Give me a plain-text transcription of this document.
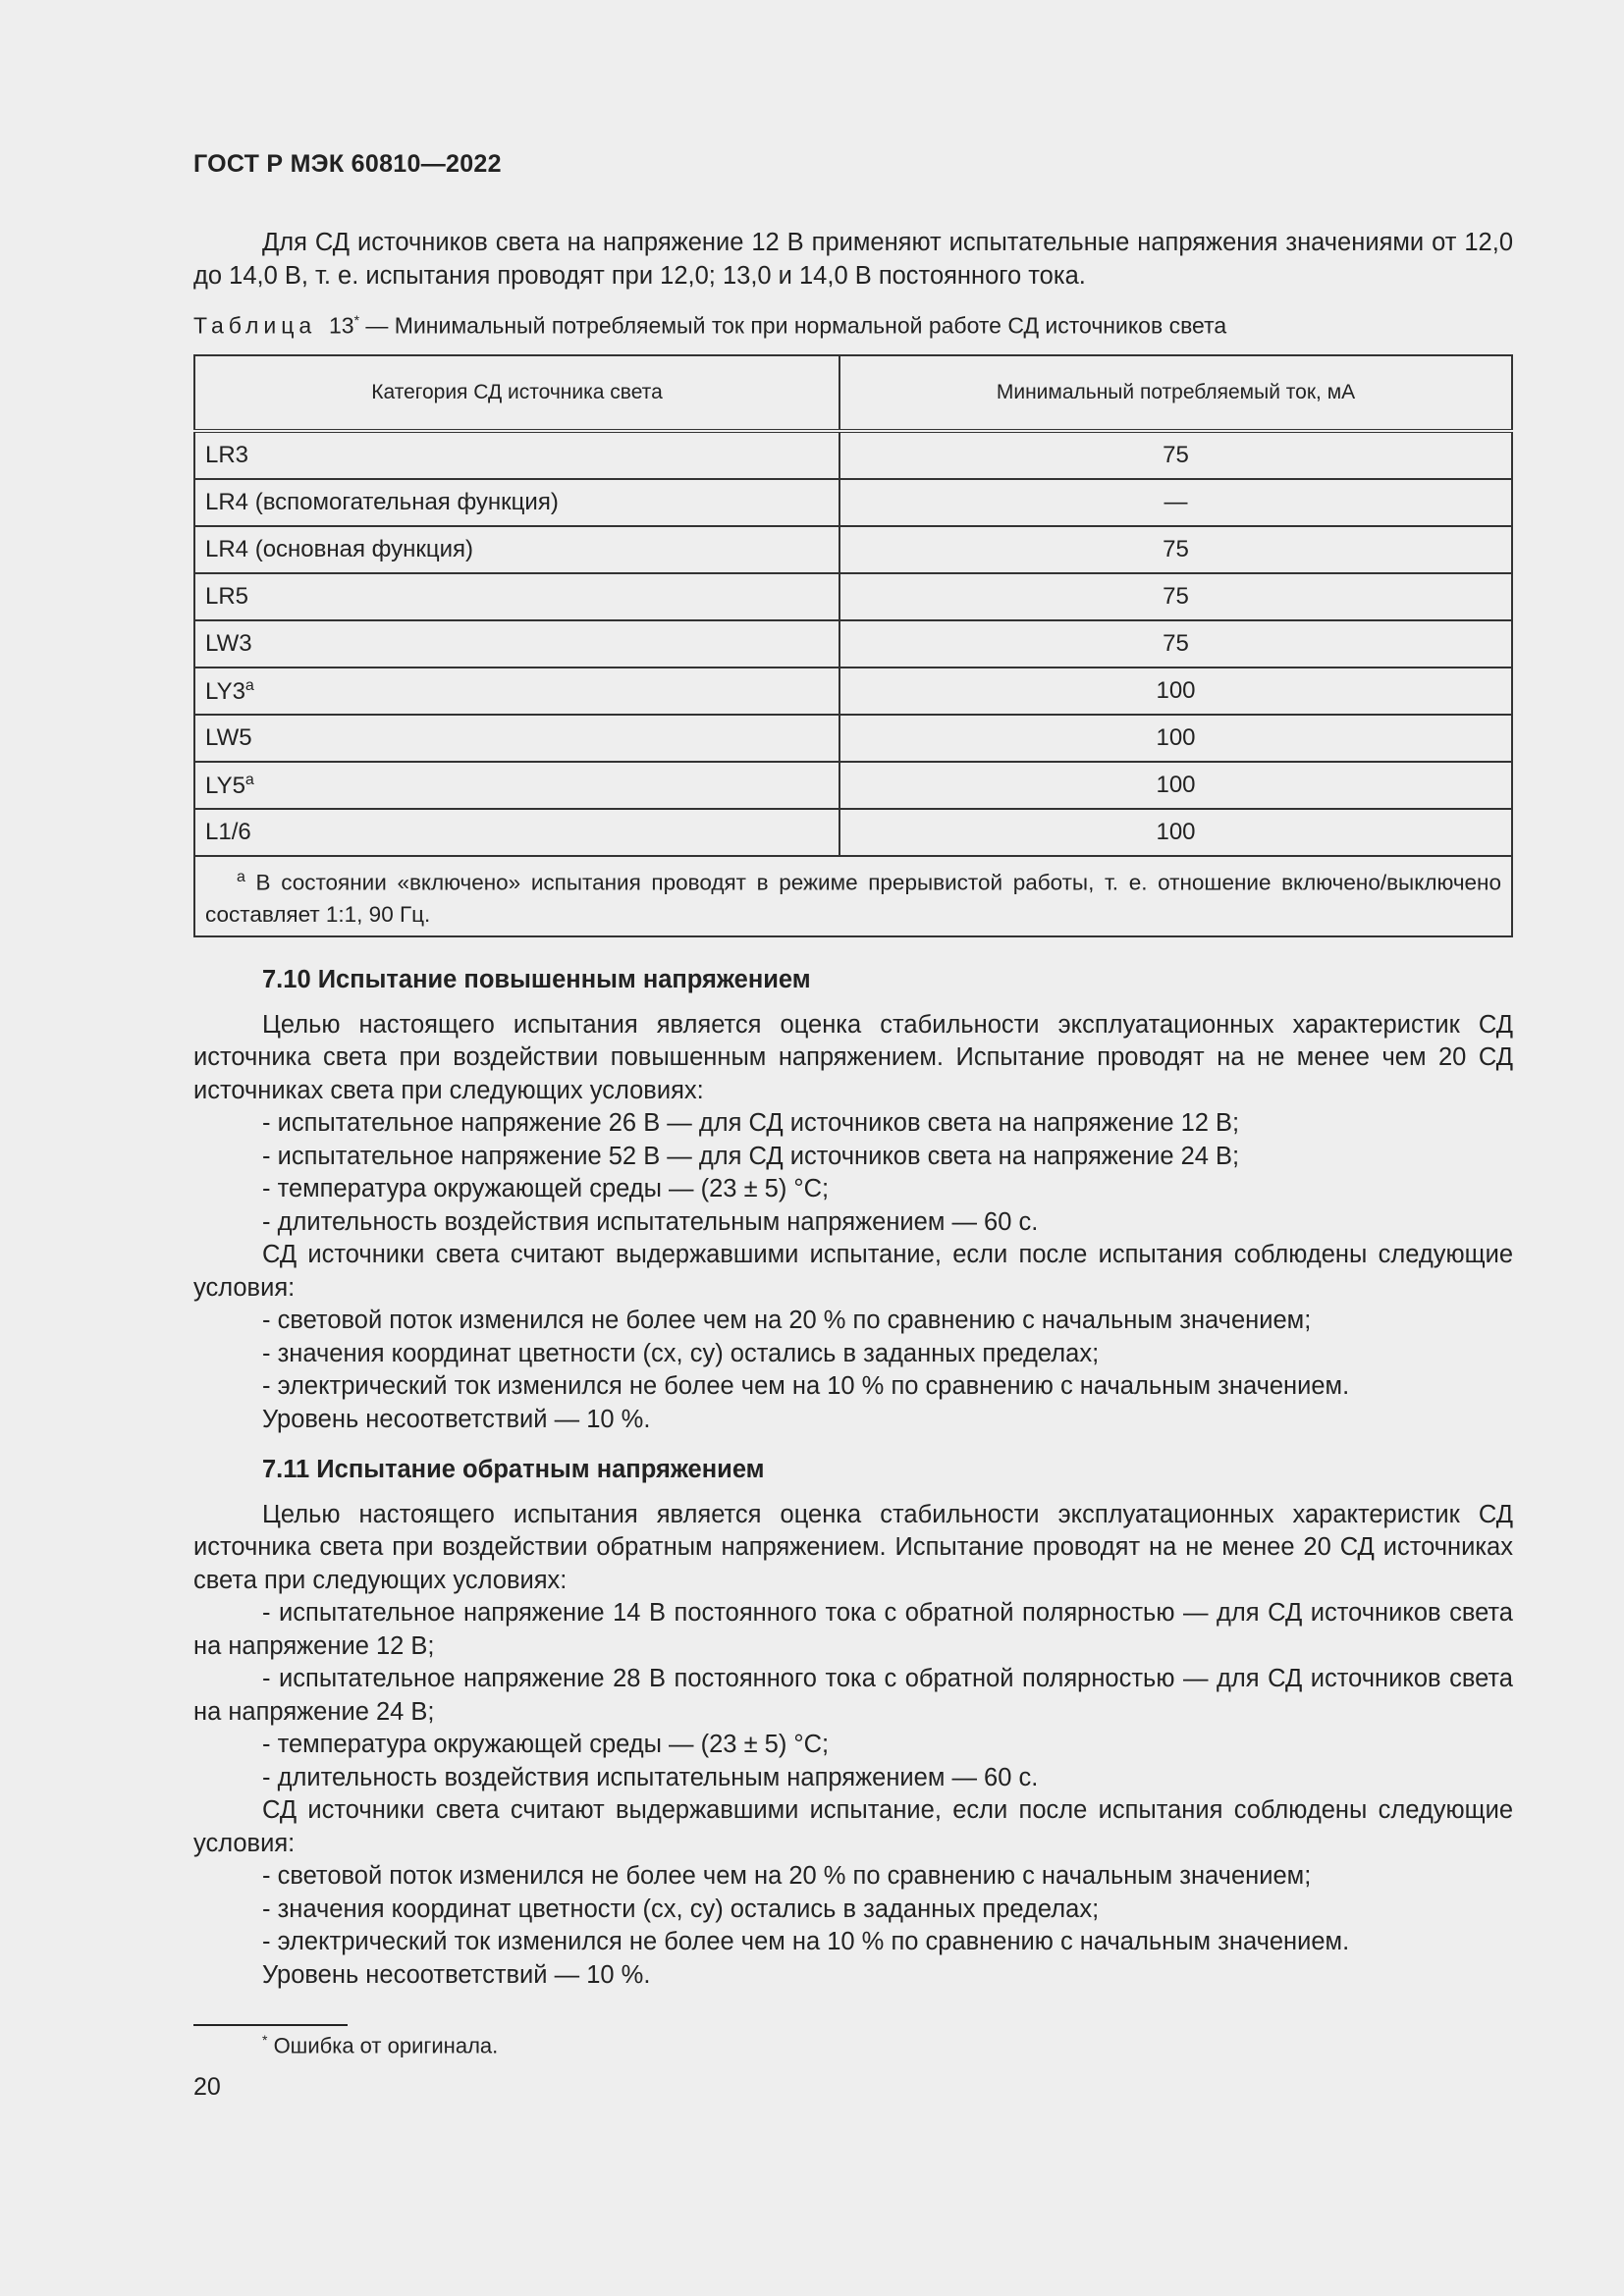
ГОСТ Р МЭК 60810—2022

Для СД источников света на напряжение 12 В применяют испытательные напряжения значениями от 12,0 до 14,0 В, т. е. испытания проводят при 12,0; 13,0 и 14,0 В постоянного тока.

Таблица 13* — Минимальный потребляемый ток при нормальной работе СД источников света
Категория СД источника света	Минимальный потребляемый ток, мА
LR3	75
LR4 (вспомогательная функция)	—
LR4 (основная функция)	75
LR5	75
LW3	75
LY3$^a$	100
LW5	100
LY5$^a$	100
L1/6	100
$^a$ В состоянии «включено» испытания проводят в режиме прерывистой работы, т. е. отношение включено/выключено составляет 1:1, 90 Гц.	
7.10 Испытание повышенным напряжением

Целью настоящего испытания является оценка стабильности эксплуатационных характеристик СД источника света при воздействии повышенным напряжением. Испытание проводят на не менее чем 20 СД источниках света при следующих условиях:

- испытательное напряжение 26 В — для СД источников света на напряжение 12 В;

- испытательное напряжение 52 В — для СД источников света на напряжение 24 В;

- температура окружающей среды — (23 ± 5) °С;

- длительность воздействия испытательным напряжением — 60 с.

СД источники света считают выдержавшими испытание, если после испытания соблюдены следующие условия:

- световой поток изменился не более чем на 20 % по сравнению с начальным значением;

- значения координат цветности (cx, cy) остались в заданных пределах;

- электрический ток изменился не более чем на 10 % по сравнению с начальным значением.

Уровень несоответствий — 10 %.

7.11 Испытание обратным напряжением

Целью настоящего испытания является оценка стабильности эксплуатационных характеристик СД источника света при воздействии обратным напряжением. Испытание проводят на не менее 20 СД источниках света при следующих условиях:

- испытательное напряжение 14 В постоянного тока с обратной полярностью — для СД источников света на напряжение 12 В;

- испытательное напряжение 28 В постоянного тока с обратной полярностью — для СД источников света на напряжение 24 В;

- температура окружающей среды — (23 ± 5) °С;

- длительность воздействия испытательным напряжением — 60 с.

СД источники света считают выдержавшими испытание, если после испытания соблюдены следующие условия:

- световой поток изменился не более чем на 20 % по сравнению с начальным значением;

- значения координат цветности (cx, cy) остались в заданных пределах;

- электрический ток изменился не более чем на 10 % по сравнению с начальным значением.

Уровень несоответствий — 10 %.

* Ошибка от оригинала.
20
